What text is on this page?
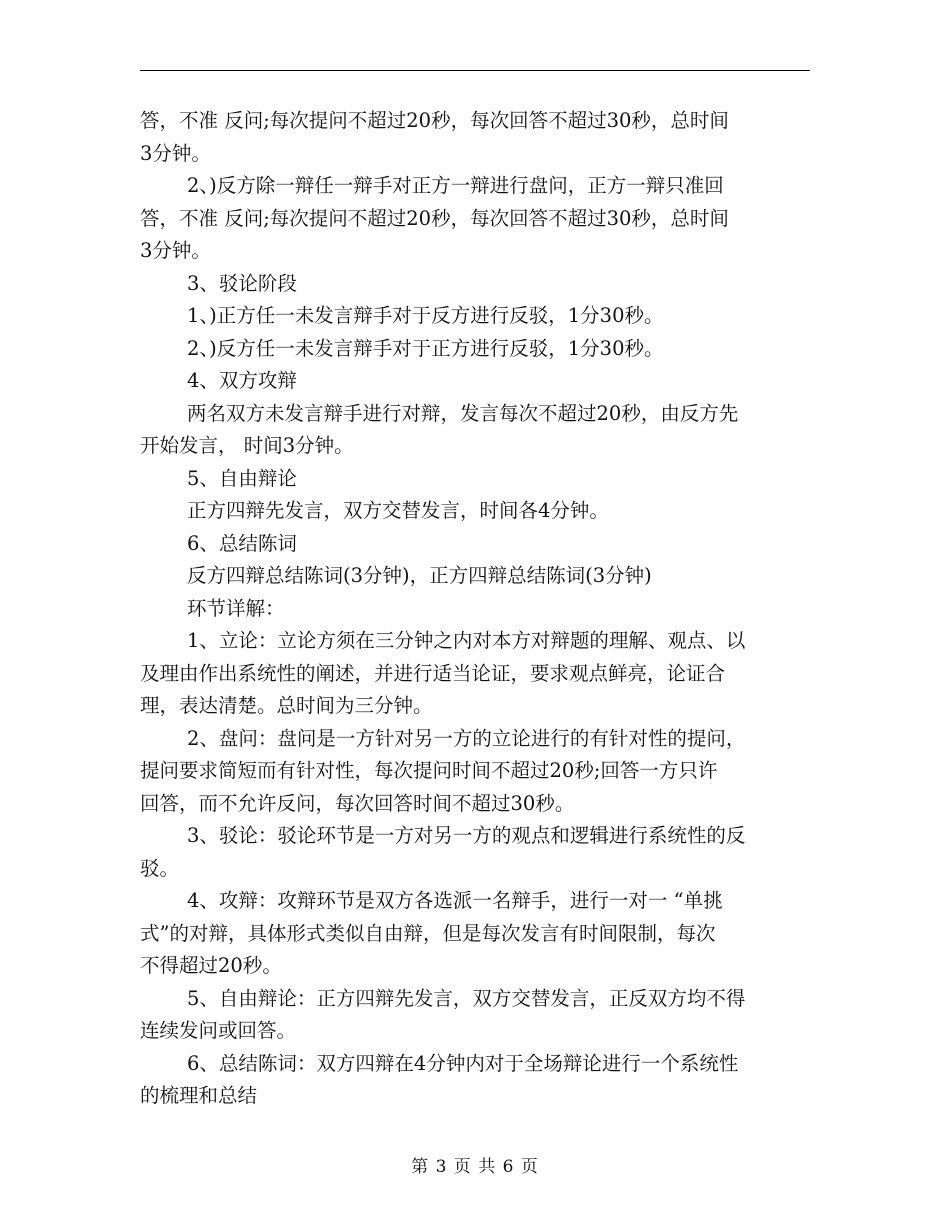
答，不准 反问;每次提问不超过20秒，每次回答不超过30秒，总时间
3分钟。
2、)反方除一辩任一辩手对正方一辩进行盘问，正方一辩只准回
答，不准 反问;每次提问不超过20秒，每次回答不超过30秒，总时间
3分钟。
3、驳论阶段
1、)正方任一未发言辩手对于反方进行反驳，1分30秒。
2、)反方任一未发言辩手对于正方进行反驳，1分30秒。
4、双方攻辩
两名双方未发言辩手进行对辩，发言每次不超过20秒，由反方先
开始发言， 时间3分钟。
5、自由辩论
正方四辩先发言，双方交替发言，时间各4分钟。
6、总结陈词
反方四辩总结陈词(3分钟)，正方四辩总结陈词(3分钟)
环节详解：
1、立论：立论方须在三分钟之内对本方对辩题的理解、观点、以
及理由作出系统性的阐述，并进行适当论证，要求观点鲜亮，论证合
理，表达清楚。总时间为三分钟。
2、盘问：盘问是一方针对另一方的立论进行的有针对性的提问，
提问要求简短而有针对性，每次提问时间不超过20秒;回答一方只许
回答，而不允许反问，每次回答时间不超过30秒。
3、驳论：驳论环节是一方对另一方的观点和逻辑进行系统性的反
驳。
4、攻辩：攻辩环节是双方各选派一名辩手，进行一对一 “单挑
式”的对辩，具体形式类似自由辩，但是每次发言有时间限制，每次
不得超过20秒。
5、自由辩论：正方四辩先发言，双方交替发言，正反双方均不得
连续发问或回答。
6、总结陈词：双方四辩在4分钟内对于全场辩论进行一个系统性
的梳理和总结
第 3 页 共 6 页
